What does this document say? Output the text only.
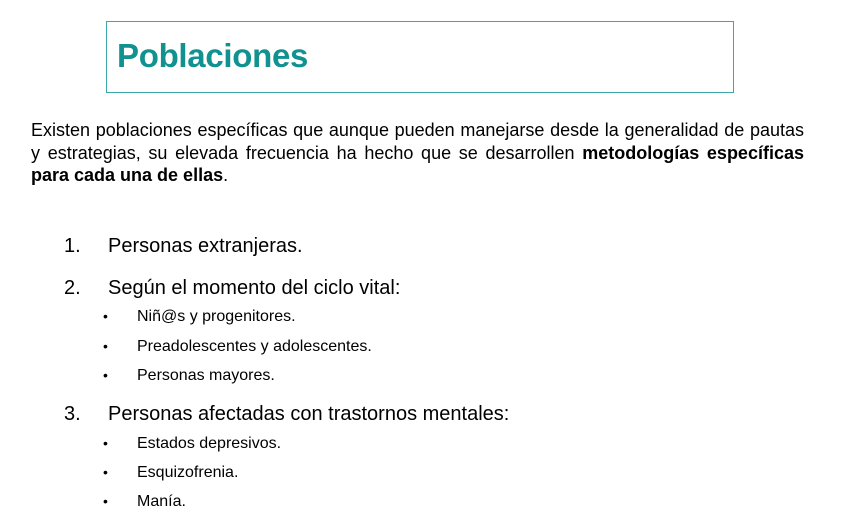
Poblaciones

Existen poblaciones específicas que aunque pueden manejarse desde la generalidad de pautas y estrategias, su elevada frecuencia ha hecho que se desarrollen metodologías específicas para cada una de ellas.

1. Personas extranjeras.
2. Según el momento del ciclo vital:
• Niñ@s y progenitores.
• Preadolescentes y adolescentes.
• Personas mayores.
3. Personas afectadas con trastornos mentales:
• Estados depresivos.
• Esquizofrenia.
• Manía.
